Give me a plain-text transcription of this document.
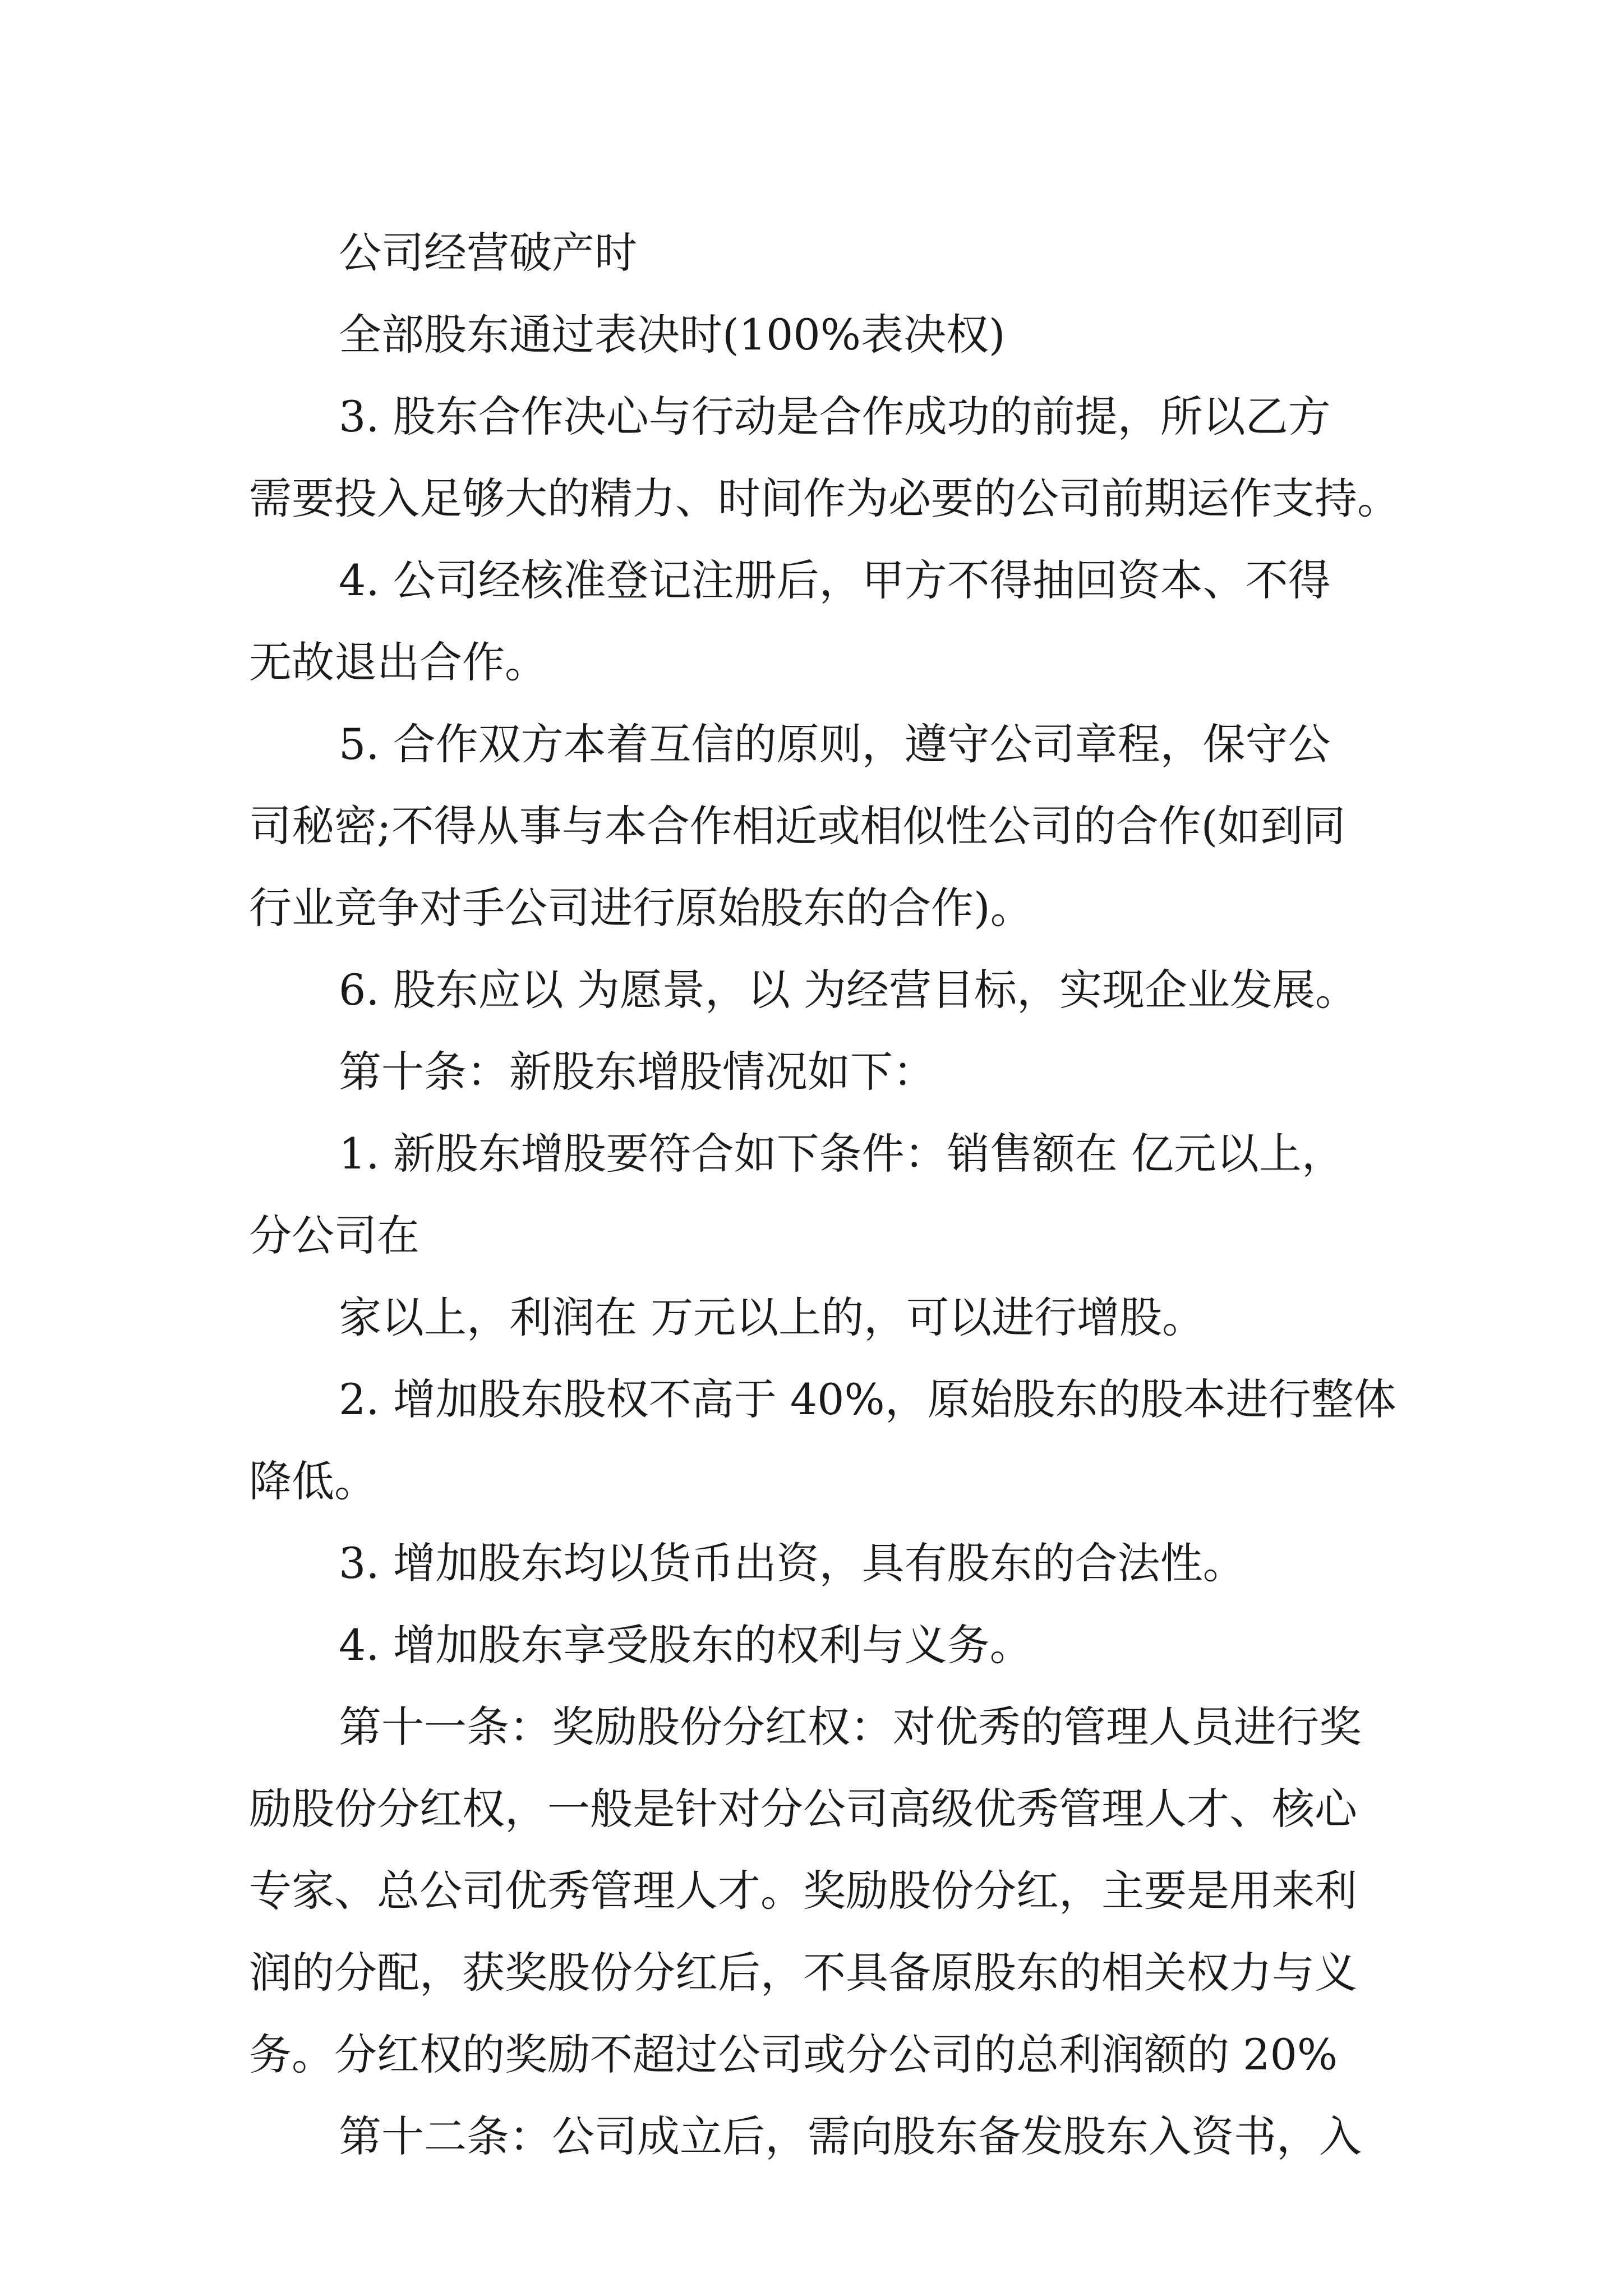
公司经营破产时
全部股东通过表决时(100%表决权)
3. 股东合作决心与行动是合作成功的前提，所以乙方
需要投入足够大的精力、时间作为必要的公司前期运作支持。
4. 公司经核准登记注册后，甲方不得抽回资本、不得
无故退出合作。
5. 合作双方本着互信的原则，遵守公司章程，保守公
司秘密;不得从事与本合作相近或相似性公司的合作(如到同
行业竞争对手公司进行原始股东的合作)。
6. 股东应以 为愿景，以 为经营目标，实现企业发展。
第十条：新股东增股情况如下：
1. 新股东增股要符合如下条件：销售额在 亿元以上，
分公司在
家以上，利润在 万元以上的，可以进行增股。
2. 增加股东股权不高于 40%，原始股东的股本进行整体
降低。
3. 增加股东均以货币出资，具有股东的合法性。
4. 增加股东享受股东的权利与义务。
第十一条：奖励股份分红权：对优秀的管理人员进行奖
励股份分红权，一般是针对分公司高级优秀管理人才、核心
专家、总公司优秀管理人才。奖励股份分红，主要是用来利
润的分配，获奖股份分红后，不具备原股东的相关权力与义
务。分红权的奖励不超过公司或分公司的总利润额的 20%
第十二条：公司成立后，需向股东备发股东入资书，入
